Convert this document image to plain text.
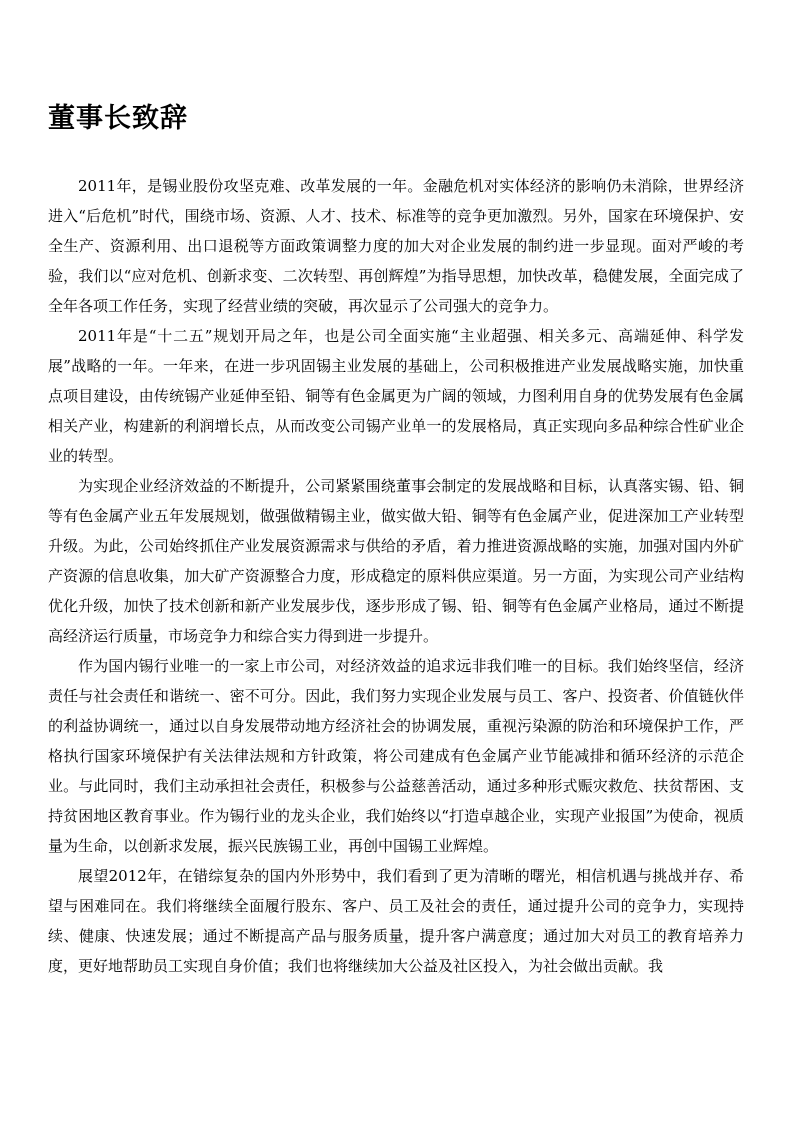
董事长致辞

2011年，是锡业股份攻坚克难、改革发展的一年。金融危机对实体经济的影响仍未消除，世界经济进入“后危机”时代，围绕市场、资源、人才、技术、标准等的竞争更加激烈。另外，国家在环境保护、安全生产、资源利用、出口退税等方面政策调整力度的加大对企业发展的制约进一步显现。面对严峻的考验，我们以“应对危机、创新求变、二次转型、再创辉煌”为指导思想，加快改革，稳健发展，全面完成了全年各项工作任务，实现了经营业绩的突破，再次显示了公司强大的竞争力。

2011年是“十二五”规划开局之年，也是公司全面实施“主业超强、相关多元、高端延伸、科学发展”战略的一年。一年来，在进一步巩固锡主业发展的基础上，公司积极推进产业发展战略实施，加快重点项目建设，由传统锡产业延伸至铅、铜等有色金属更为广阔的领域，力图利用自身的优势发展有色金属相关产业，构建新的利润增长点，从而改变公司锡产业单一的发展格局，真正实现向多品种综合性矿业企业的转型。

为实现企业经济效益的不断提升，公司紧紧围绕董事会制定的发展战略和目标，认真落实锡、铅、铜等有色金属产业五年发展规划，做强做精锡主业，做实做大铅、铜等有色金属产业，促进深加工产业转型升级。为此，公司始终抓住产业发展资源需求与供给的矛盾，着力推进资源战略的实施，加强对国内外矿产资源的信息收集，加大矿产资源整合力度，形成稳定的原料供应渠道。另一方面，为实现公司产业结构优化升级，加快了技术创新和新产业发展步伐，逐步形成了锡、铅、铜等有色金属产业格局，通过不断提高经济运行质量，市场竞争力和综合实力得到进一步提升。

作为国内锡行业唯一的一家上市公司，对经济效益的追求远非我们唯一的目标。我们始终坚信，经济责任与社会责任和谐统一、密不可分。因此，我们努力实现企业发展与员工、客户、投资者、价值链伙伴的利益协调统一，通过以自身发展带动地方经济社会的协调发展，重视污染源的防治和环境保护工作，严格执行国家环境保护有关法律法规和方针政策，将公司建成有色金属产业节能减排和循环经济的示范企业。与此同时，我们主动承担社会责任，积极参与公益慈善活动，通过多种形式赈灾救危、扶贫帮困、支持贫困地区教育事业。作为锡行业的龙头企业，我们始终以“打造卓越企业，实现产业报国”为使命，视质量为生命，以创新求发展，振兴民族锡工业，再创中国锡工业辉煌。

展望2012年，在错综复杂的国内外形势中，我们看到了更为清晰的曙光，相信机遇与挑战并存、希望与困难同在。我们将继续全面履行股东、客户、员工及社会的责任，通过提升公司的竞争力，实现持续、健康、快速发展；通过不断提高产品与服务质量，提升客户满意度；通过加大对员工的教育培养力度，更好地帮助员工实现自身价值；我们也将继续加大公益及社区投入，为社会做出贡献。我
